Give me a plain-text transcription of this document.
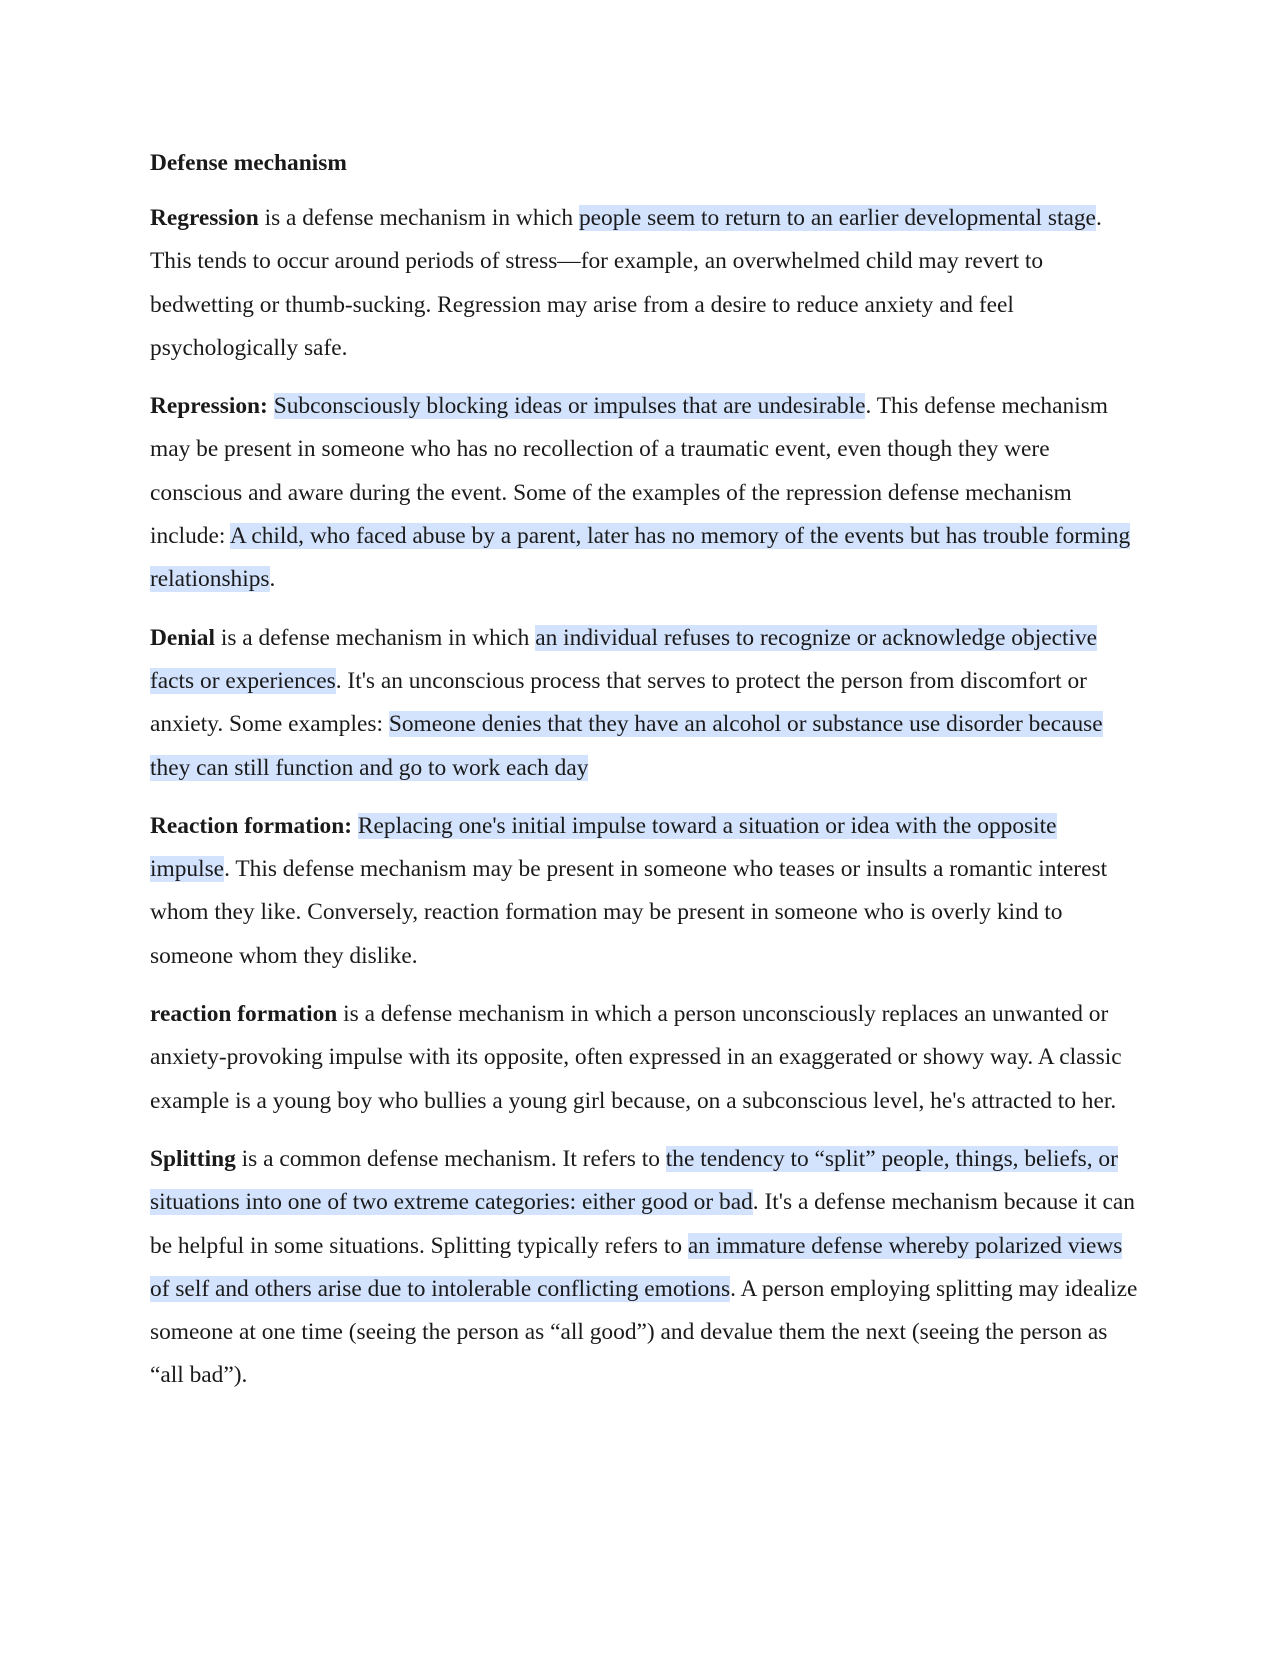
Defense mechanism
Regression is a defense mechanism in which people seem to return to an earlier developmental stage. This tends to occur around periods of stress—for example, an overwhelmed child may revert to bedwetting or thumb-sucking. Regression may arise from a desire to reduce anxiety and feel psychologically safe.
Repression: Subconsciously blocking ideas or impulses that are undesirable. This defense mechanism may be present in someone who has no recollection of a traumatic event, even though they were conscious and aware during the event. Some of the examples of the repression defense mechanism include: A child, who faced abuse by a parent, later has no memory of the events but has trouble forming relationships.
Denial is a defense mechanism in which an individual refuses to recognize or acknowledge objective facts or experiences. It's an unconscious process that serves to protect the person from discomfort or anxiety. Some examples: Someone denies that they have an alcohol or substance use disorder because they can still function and go to work each day
Reaction formation: Replacing one's initial impulse toward a situation or idea with the opposite impulse. This defense mechanism may be present in someone who teases or insults a romantic interest whom they like. Conversely, reaction formation may be present in someone who is overly kind to someone whom they dislike.
reaction formation is a defense mechanism in which a person unconsciously replaces an unwanted or anxiety-provoking impulse with its opposite, often expressed in an exaggerated or showy way. A classic example is a young boy who bullies a young girl because, on a subconscious level, he's attracted to her.
Splitting is a common defense mechanism. It refers to the tendency to “split” people, things, beliefs, or situations into one of two extreme categories: either good or bad. It's a defense mechanism because it can be helpful in some situations. Splitting typically refers to an immature defense whereby polarized views of self and others arise due to intolerable conflicting emotions. A person employing splitting may idealize someone at one time (seeing the person as “all good”) and devalue them the next (seeing the person as “all bad”).
